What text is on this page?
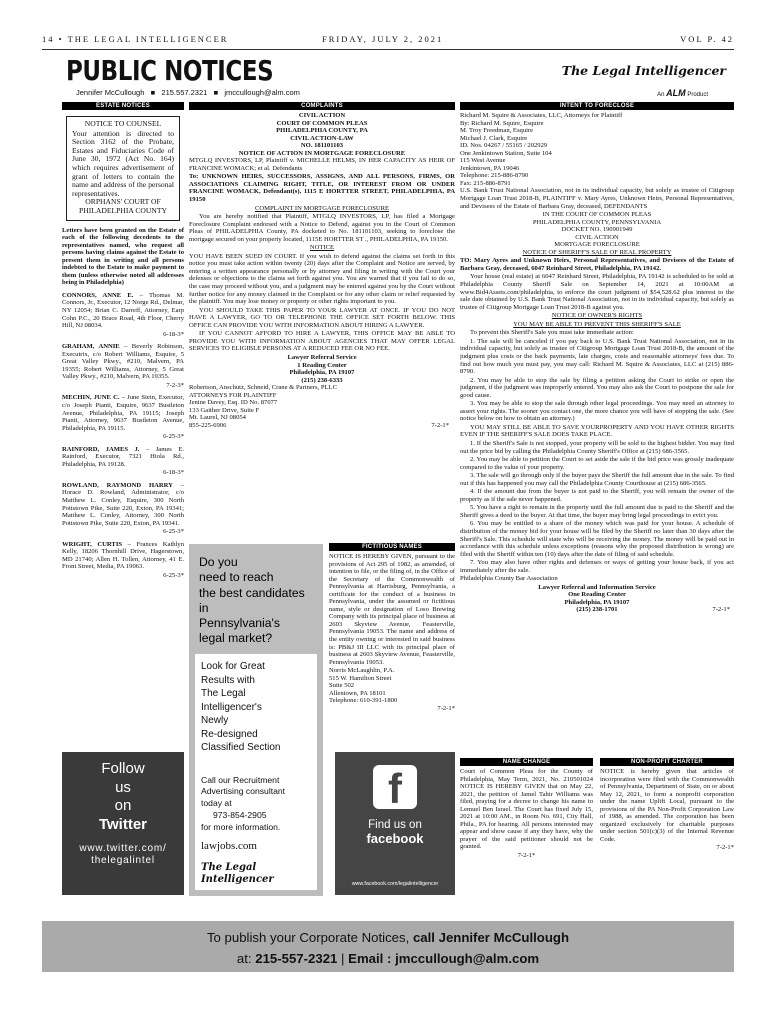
14 • THE LEGAL INTELLIGENCER	FRIDAY, JULY 2, 2021	VOL P. 42
PUBLIC NOTICES	The Legal Intelligencer
Jennifer McCullough   ■   215.557.2321   ■   jmccullough@alm.com	An ALM Product
ESTATE NOTICES
NOTICE TO COUNSEL
Your attention is directed to Section 3162 of the Probate, Estates and Fiduciaries Code of June 30, 1972 (Act No. 164) which requires advertisement of grant of letters to contain the name and address of the personal representatives.
ORPHANS' COURT OF PHILADELPHIA COUNTY

Letters have been granted on the Estate of each of the following decedents to the representatives named, who request all persons having claims against the Estate to present them in writing and all persons indebted to the Estate to make payment to them (unless otherwise noted all addresses being in Philadelphia)

CONNORS, ANNE E. – Thomas M. Connors, Jr., Executor, 12 Norge Rd., Delmar, NY 12054; Brian C. Darreff, Attorney, Earp Cohn P.C., 20 Brace Road, 4th Floor, Cherry Hill, NJ 08034.

6-18-3*

GRAHAM, ANNIE – Beverly Robinson, Executrix, c/o Robert Williams, Esquire, 5 Great Valley Pkwy., #210, Malvern, PA 19355; Robert Williams, Attorney, 5 Great Valley Pkwy., #210, Malvern, PA 19355.

7-2-3*

MECHIN, JUNE C. – June Stein, Executor, c/o Joseph Pianti, Esquire, 9637 Bustleton Avenue, Philadelphia, PA 19115; Joseph Pianti, Attorney, 9637 Bustleton Avenue, Philadelphia, PA 19115.

6-25-3*

RAINFORD, JAMES J. – James E. Rainford, Executor, 7321 Hiola Rd., Philadelphia, PA 19128.

6-18-3*

ROWLAND, RAYMOND HARRY – Horace D. Rowland, Administrator, c/o Matthew L. Conley, Esquire, 300 North Pottstown Pike, Suite 220, Exton, PA 19341; Matthew L. Conley, Attorney, 300 North Pottstown Pike, Suite 220, Exton, PA 19341.

6-25-3*

WRIGHT, CURTIS – Frances Kathlyn Kelly, 18206 Thornhill Drive, Hagerstown, MD 21740; Allen H. Tollen, Attorney, 41 E. Front Street, Media, PA 19063.

6-25-3*
COMPLAINTS
CIVIL ACTION
COURT OF COMMON PLEAS
PHILADELPHIA COUNTY, PA
CIVIL ACTION-LAW
NO. 181101103
NOTICE OF ACTION IN MORTGAGE FORECLOSURE

MTGLQ INVESTORS, LP, Plaintiff v. MICHELLE HELMS, IN HER CAPACITY AS HEIR OF FRANCINE WOMACK; et al. Defendants

To: UNKNOWN HEIRS, SUCCESSORS, ASSIGNS, AND ALL PERSONS, FIRMS, OR ASSOCIATIONS CLAIMING RIGHT, TITLE, OR INTEREST FROM OR UNDER FRANCINE WOMACK, Defendant(s), 1115 E HORTTER STREET, PHILADELPHIA, PA 19150

COMPLAINT IN MORTGAGE FORECLOSURE

You are hereby notified that Plaintiff, MTGLQ INVESTORS, LP, has filed a Mortgage Foreclosure Complaint endorsed with a Notice to Defend, against you in the Court of Common Pleas of PHILADELPHIA County, PA docketed to No. 181101103, seeking to foreclose the mortgage secured on your property located, 1115E HORTTER ST ., PHILADELPHIA, PA 19150.

NOTICE

YOU HAVE BEEN SUED IN COURT. If you wish to defend against the claims set forth in this notice you must take action within twenty (20) days after the Complaint and Notice are served, by entering a written appearance personally or by attorney and filing in writing with the Court your defenses or objections to the claims set forth against you. You are warned that if you fail to do so, the case may proceed without you, and a judgment may be entered against you by the Court without further notice for any money claimed in the Complaint or for any other claim or relief requested by the plaintiff. You may lose money or property or other rights important to you.

YOU SHOULD TAKE THIS PAPER TO YOUR LAWYER AT ONCE. IF YOU DO NOT HAVE A LAWYER, GO TO OR TELEPHONE THE OFFICE SET FORTH BELOW. THIS OFFICE CAN PROVIDE YOU WITH INFORMATION ABOUT HIRING A LAWYER.

IF YOU CANNOT AFFORD TO HIRE A LAWYER, THIS OFFICE MAY BE ABLE TO PROVIDE YOU WITH INFORMATION ABOUT AGENCIES THAT MAY OFFER LEGAL SERVICES TO ELIGIBLE PERSONS AT A REDUCED FEE OR NO FEE.

Lawyer Referral Service
1 Reading Center
Philadelphia, PA 19107
(215) 238-6333
Robertson, Anschutz, Schneid, Crane & Partners, PLLC
ATTORNEYS FOR PLAINTIFF
Jenine Davey, Esq. ID No. 87077
133 Gaither Drive, Suite F
Mt. Laurel, NJ 08054
855-225-6906	7-2-1*
Do you
need to reach
the best candidates
in
Pennsylvania's
legal market?
Look for Great
Results with
The Legal
Intelligencer's
Newly
Re-designed
Classified Section
Call our Recruitment
Advertising consultant
today at
973-854-2905
for more information.
lawjobs.com
The Legal Intelligencer
Follow
us
on
Twitter
www.twitter.com/
thelegalintel
FICTITIOUS NAMES

NOTICE IS HEREBY GIVEN, pursuant to the provisions of Act 295 of 1982, as amended, of intention to file, or the filing of, in the Office of the Secretary of the Commonwealth of Pennsylvania at Harrisburg, Pennsylvania, a certificate for the conduct of a business in Pennsylvania, under the assumed or fictitious name, style or designation of Loso Brewing Company with its principal place of business at 2603 Skyview Avenue, Feasterville, Pennsylvania 19053. The name and address of the entity owning or interested in said business is: PB&J III LLC with its principal place of business at 2603 Skyview Avenue, Feasterville, Pennsylvania 19053.

Norris McLaughlin, P.A.
515 W. Hamilton Street
Suite 502
Allentown, PA 18101
Telephone: 610-391-1800
7-2-1*
f
Find us on
facebook
www.facebook.com/legalintelligencer
INTENT TO FORECLOSE
Richard M. Squire & Associates, LLC, Attorneys for Plaintiff
By: Richard M. Squire, Esquire
M. Troy Freedman, Esquire
Michael J. Clark, Esquire
ID. Nos. 04267 / 55165 / 202929
One Jenkintown Station, Suite 104
115 West Avenue
Jenkintown, PA 19046
Telephone: 215-886-8790
Fax: 215-886-8791

U.S. Bank Trust National Association, not in its individual capacity, but solely as trustee of Citigroup Mortgage Loan Trust 2018-B, PLAINTIFF v. Mary Ayres, Unknown Heirs, Personal Representatives, and Devisees of the Estate of Barbara Gray, deceased, DEFENDANTS

IN THE COURT OF COMMON PLEAS
PHILADELPHIA COUNTY, PENNSYLVANIA
DOCKET NO. 190901949
CIVIL ACTION
MORTGAGE FORECLOSURE

NOTICE OF SHERIFF'S SALE OF REAL PROPERTY

TO: Mary Ayres and Unknown Heirs, Personal Representatives, and Devisees of the Estate of Barbara Gray, deceased, 6047 Reinhard Street, Philadelphia, PA 19142.

Your house (real estate) at 6047 Reinhard Street, Philadelphia, PA 19142 is scheduled to be sold at Philadelphia County Sheriff Sale on September 14, 2021 at 10:00AM at www.Bid4Assets.com/philadelphia, to enforce the court judgment of $54,528.62 plus interest to the sale date obtained by U.S. Bank Trust National Association, not in its individual capacity, but solely as trustee of Citigroup Mortgage Loan Trust 2018-B against you.

NOTICE OF OWNER'S RIGHTS

YOU MAY BE ABLE TO PREVENT THIS SHERIFF'S SALE

To prevent this Sheriff's Sale you must take immediate action:

1. The sale will be canceled if you pay back to U.S. Bank Trust National Association, not in its individual capacity, but solely as trustee of Citigroup Mortgage Loan Trust 2018-B, the amount of the judgment plus costs or the back payments, late charges, costs and reasonable attorneys' fees due. To find out how much you must pay, you may call: Richard M. Squire & Associates, LLC at (215) 886-8790.

2. You may be able to stop the sale by filing a petition asking the Court to strike or open the judgment, if the judgment was improperly entered. You may also ask the Court to postpone the sale for good cause.

3. You may be able to stop the sale through other legal proceedings. You may need an attorney to assert your rights. The sooner you contact one, the more chance you will have of stopping the sale. (See notice below on how to obtain an attorney.)

YOU MAY STILL BE ABLE TO SAVE YOURPROPERTY AND YOU HAVE OTHER RIGHTS EVEN IF THE SHERIFF'S SALE DOES TAKE PLACE.

1. If the Sheriff's Sale is not stopped, your property will be sold to the highest bidder. You may find out the price bid by calling the Philadelphia County Sheriff's Office at (215) 686-3565.

2. You may be able to petition the Court to set aside the sale if the bid price was grossly inadequate compared to the value of your property.

3. The sale will go through only if the buyer pays the Sheriff the full amount due in the sale. To find out if this has happened you may call the Philadelphia County Courthouse at (215) 686-3565.

4. If the amount due from the buyer is not paid to the Sheriff, you will remain the owner of the property as if the sale never happened.

5. You have a right to remain in the property until the full amount due is paid to the Sheriff and the Sheriff gives a deed to the buyer. At that time, the buyer may bring legal proceedings to evict you.

6. You may be entitled to a share of the money which was paid for your house. A schedule of distribution of the money bid for your house will be filed by the Sheriff no later than 30 days after the Sheriff's Sale. This schedule will state who will be receiving the money. The money will be paid out in accordance with this schedule unless exceptions (reasons why the proposed distribution is wrong) are filed with the Sheriff within ten (10) days after the date of filing of said schedule.

7. You may also have other rights and defenses or ways of getting your house back, if you act immediately after the sale.

Philadelphia County Bar Association

Lawyer Referral and Information Service
One Reading Center
Philadelphia, PA 19107
(215) 238-1701	7-2-1*
NAME CHANGE

Court of Common Pleas for the County of Philadelphia, May Term, 2021, No. 210501024 NOTICE IS HEREBY GIVEN that on May 22, 2021, the petition of Jamel Tahir Williams was filed, praying for a decree to change his name to Lemuel Ben Israel. The Court has fixed July 15, 2021 at 10:00 AM., in Room No. 691, City Hall, Phila., PA for hearing. All persons interested may appear and show cause if any they have, why the prayer of the said petitioner should not be granted.

7-2-1*
NON-PROFIT CHARTER

NOTICE is hereby given that articles of incorporation were filed with the Commonwealth of Pennsylvania, Department of State, on or about May 12, 2021, to form a nonprofit corporation under the name Uplift Local, pursuant to the provisions of the PA Non-Profit Corporation Law of 1988, as amended. The corporation has been organized exclusively for charitable purposes under section 501(c)(3) of the Internal Revenue Code.

7-2-1*
To publish your Corporate Notices, call Jennifer McCullough
at: 215-557-2321 | Email : jmccullough@alm.com
